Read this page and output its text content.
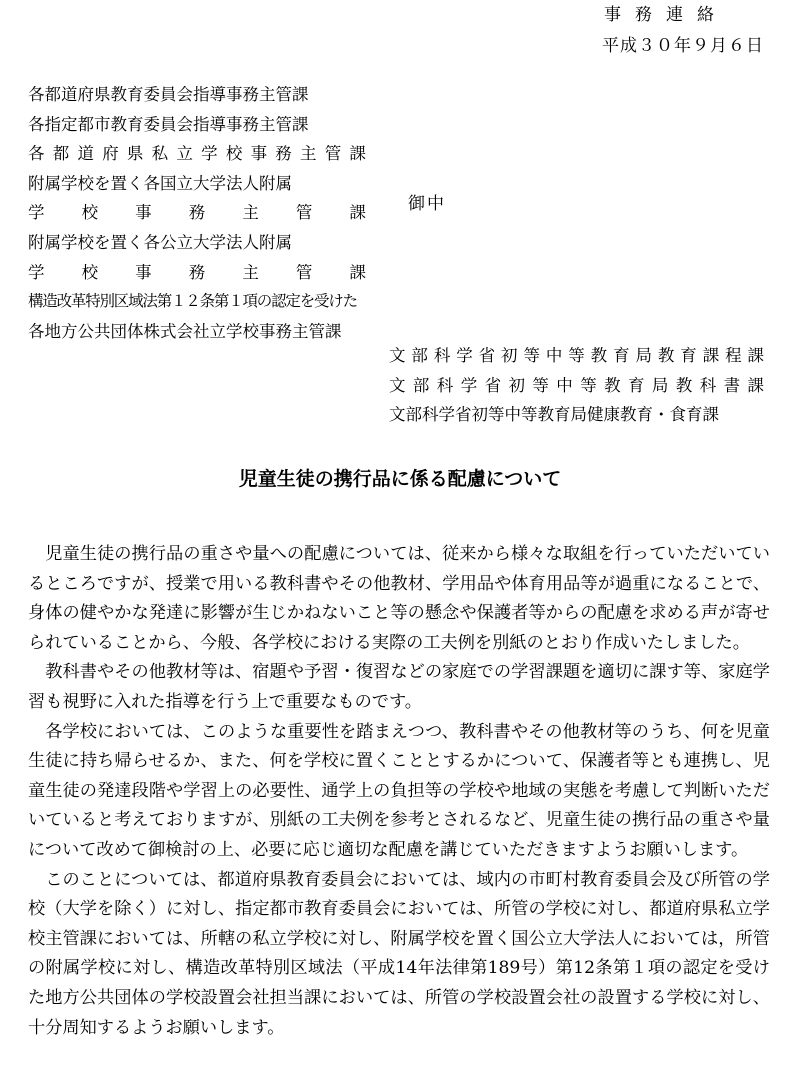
事務連絡
平成３０年９月６日
各都道府県教育委員会指導事務主管課
各指定都市教育委員会指導事務主管課
各都道府県私立学校事務主管課
附属学校を置く各国立大学法人附属
学校事務主管課
附属学校を置く各公立大学法人附属
学校事務主管課
構造改革特別区域法第１２条第１項の認定を受けた
各地方公共団体株式会社立学校事務主管課
御中
文部科学省初等中等教育局教育課程課
文部科学省初等中等教育局教科書課
文部科学省初等中等教育局健康教育・食育課
児童生徒の携行品に係る配慮について

児童生徒の携行品の重さや量への配慮については、従来から様々な取組を行っていただいているところですが、授業で用いる教科書やその他教材、学用品や体育用品等が過重になることで、身体の健やかな発達に影響が生じかねないこと等の懸念や保護者等からの配慮を求める声が寄せられていることから、今般、各学校における実際の工夫例を別紙のとおり作成いたしました。

教科書やその他教材等は、宿題や予習・復習などの家庭での学習課題を適切に課す等、家庭学習も視野に入れた指導を行う上で重要なものです。

各学校においては、このような重要性を踏まえつつ、教科書やその他教材等のうち、何を児童生徒に持ち帰らせるか、また、何を学校に置くこととするかについて、保護者等とも連携し、児童生徒の発達段階や学習上の必要性、通学上の負担等の学校や地域の実態を考慮して判断いただいていると考えておりますが、別紙の工夫例を参考とされるなど、児童生徒の携行品の重さや量について改めて御検討の上、必要に応じ適切な配慮を講じていただきますようお願いします。

このことについては、都道府県教育委員会においては、域内の市町村教育委員会及び所管の学校（大学を除く）に対し、指定都市教育委員会においては、所管の学校に対し、都道府県私立学校主管課においては、所轄の私立学校に対し、附属学校を置く国公立大学法人においては，所管の附属学校に対し、構造改革特別区域法（平成14年法律第189号）第12条第１項の認定を受けた地方公共団体の学校設置会社担当課においては、所管の学校設置会社の設置する学校に対し、十分周知するようお願いします。
